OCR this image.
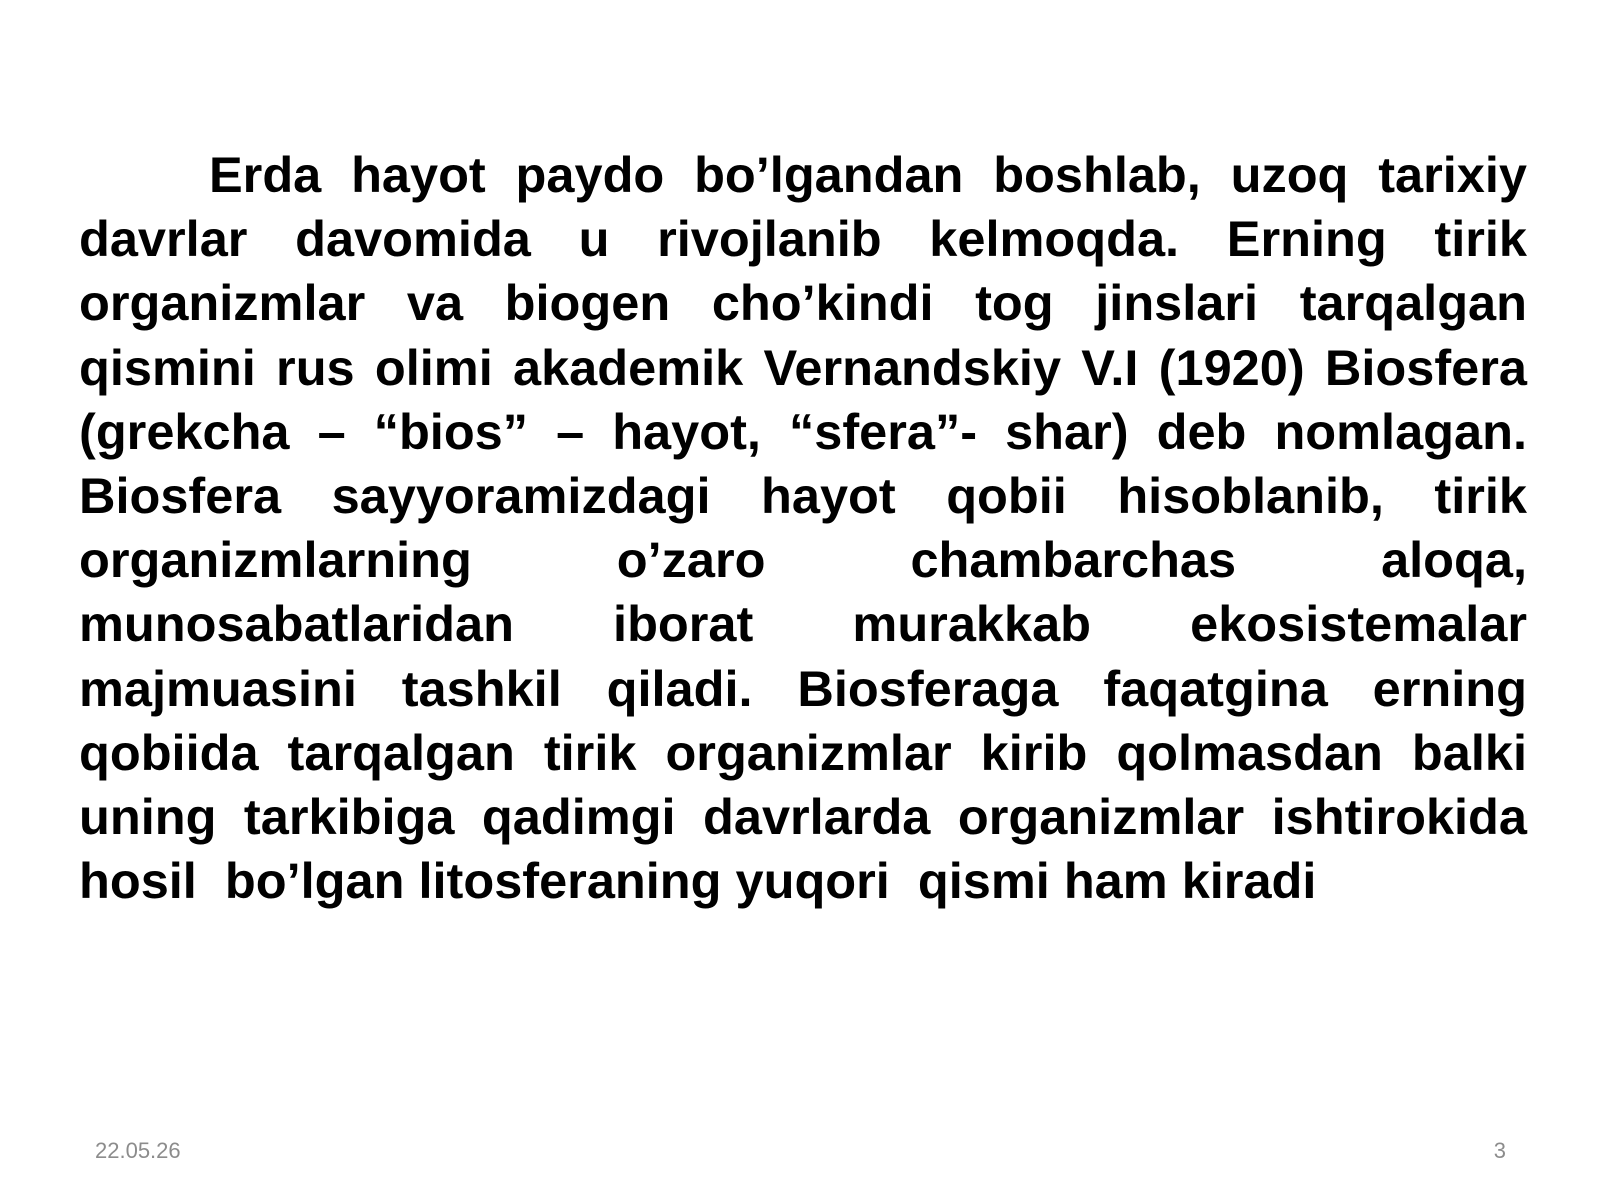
Erda hayot paydo bo’lgandan boshlab, uzoq tarixiy davrlar davomida u rivojlanib kelmoqda. Erning tirik organizmlar va biogen cho’kindi tog jinslari tarqalgan qismini rus olimi akademik Vernandskiy V.I (1920) Biosfera (grekcha – “bios” – hayot, “sfera”- shar) deb nomlagan. Biosfera sayyoramizdagi hayot qobii hisoblanib, tirik organizmlarning o’zaro chambarchas aloqa, munosabatlaridan iborat murakkab ekosistemalar majmuasini tashkil qiladi. Biosferaga faqatgina erning qobiida tarqalgan tirik organizmlar kirib qolmasdan balki uning tarkibiga qadimgi davrlarda organizmlar ishtirokida hosil  bo’lgan litosferaning yuqori  qismi ham kiradi

22.05.26	3
